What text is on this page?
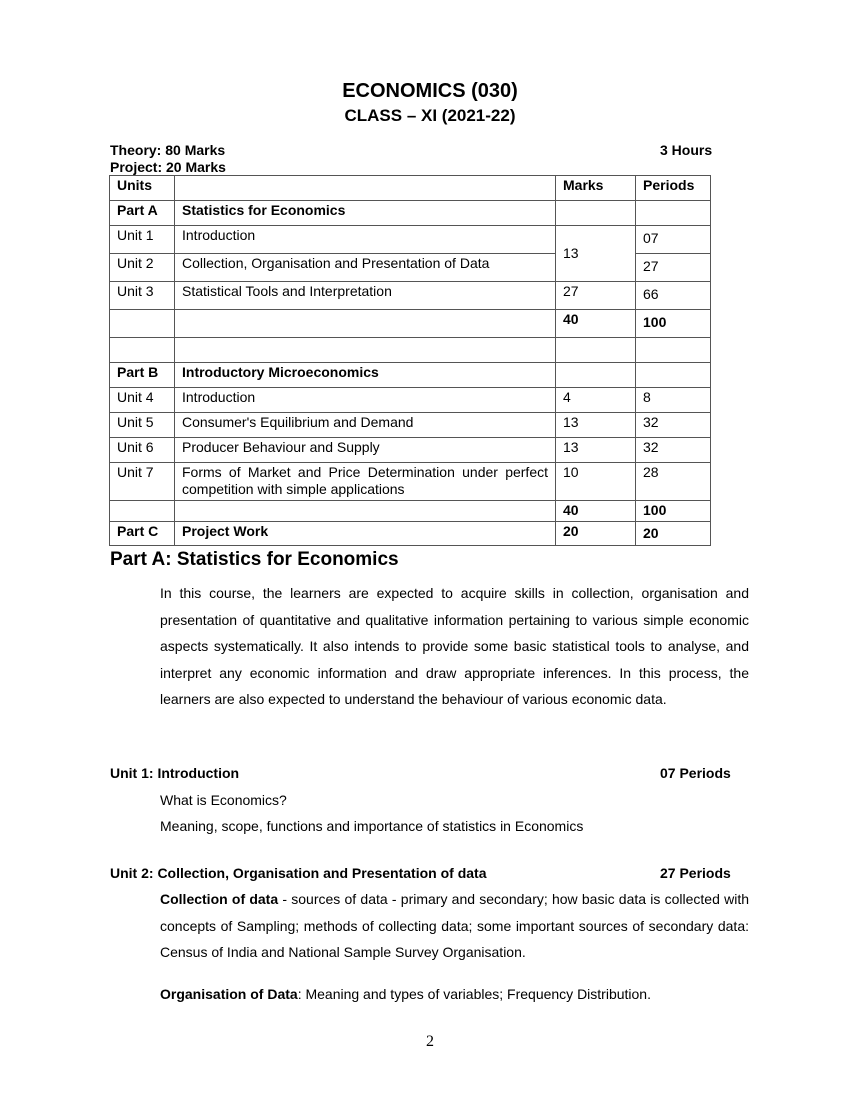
ECONOMICS (030)
CLASS – XI (2021-22)
Theory: 80 Marks
Project: 20 Marks
3 Hours
Units		Marks	Periods
Part A	Statistics for Economics		
Unit 1	Introduction	13	07
Unit 2	Collection, Organisation and Presentation of Data		27
Unit 3	Statistical Tools and Interpretation	27	66
		40	100

Part B	Introductory Microeconomics		
Unit 4	Introduction	4	8
Unit 5	Consumer's Equilibrium and Demand	13	32
Unit 6	Producer Behaviour and Supply	13	32
Unit 7	Forms of Market and Price Determination under perfect competition with simple applications	10	28
		40	100
Part C	Project Work	20	20
Part A: Statistics for Economics

In this course, the learners are expected to acquire skills in collection, organisation and presentation of quantitative and qualitative information pertaining to various simple economic aspects systematically. It also intends to provide some basic statistical tools to analyse, and interpret any economic information and draw appropriate inferences. In this process, the learners are also expected to understand the behaviour of various economic data.

Unit 1: Introduction	07 Periods
What is Economics?
Meaning, scope, functions and importance of statistics in Economics
Unit 2: Collection, Organisation and Presentation of data	27 Periods

Collection of data - sources of data - primary and secondary; how basic data is collected with concepts of Sampling; methods of collecting data; some important sources of secondary data: Census of India and National Sample Survey Organisation.

Organisation of Data: Meaning and types of variables; Frequency Distribution.

2
